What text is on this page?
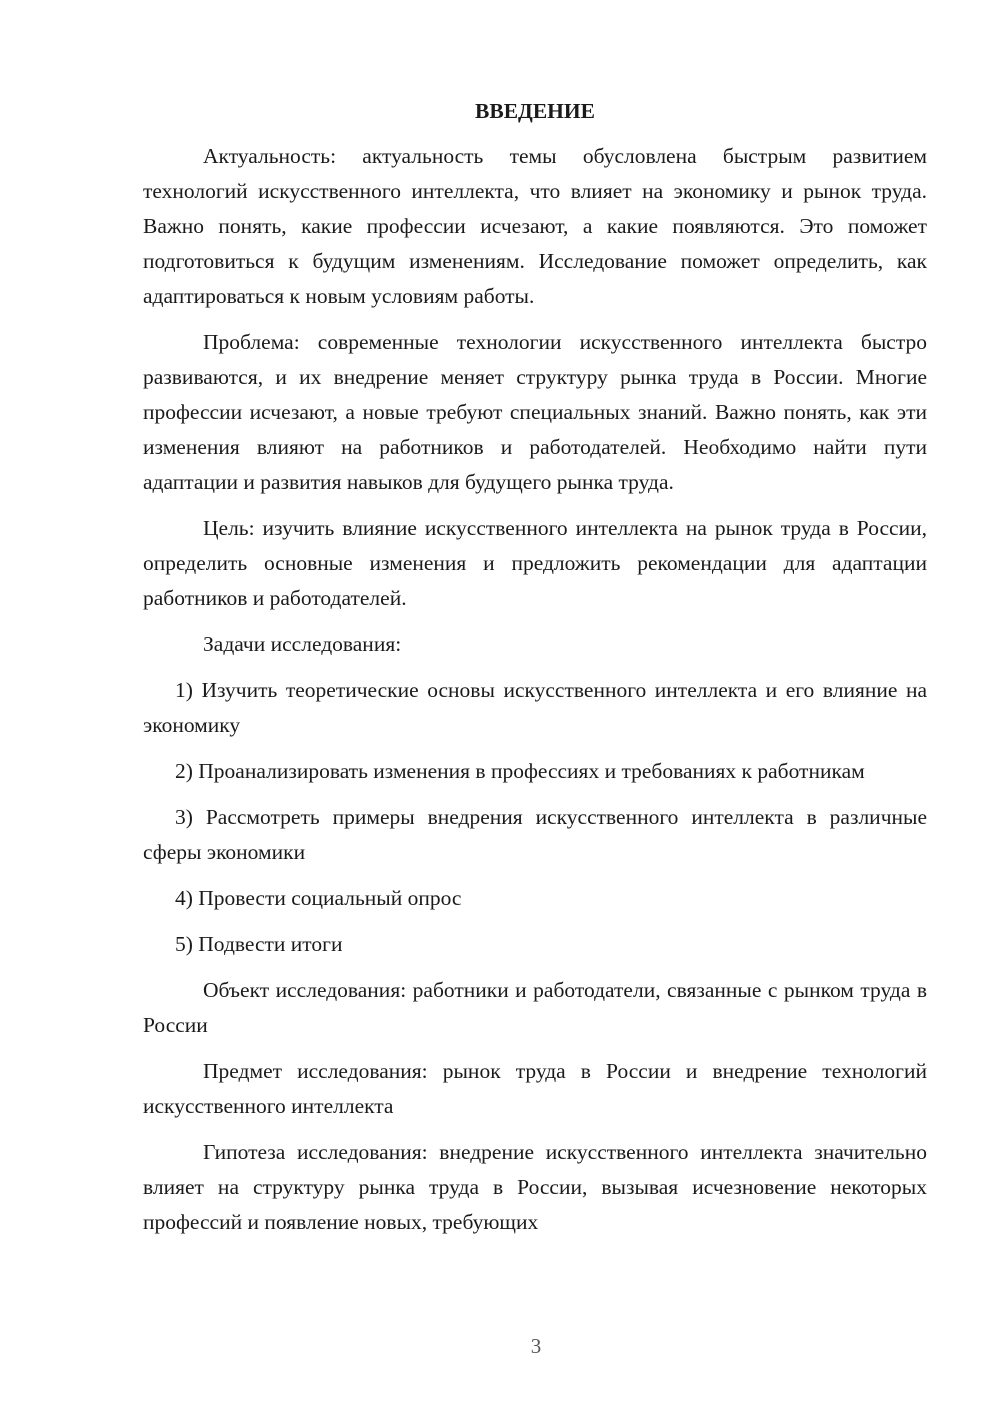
ВВЕДЕНИЕ

Актуальность: актуальность темы обусловлена быстрым развитием технологий искусственного интеллекта, что влияет на экономику и рынок труда. Важно понять, какие профессии исчезают, а какие появляются. Это поможет подготовиться к будущим изменениям. Исследование поможет определить, как адаптироваться к новым условиям работы.

Проблема: современные технологии искусственного интеллекта быстро развиваются, и их внедрение меняет структуру рынка труда в России. Многие профессии исчезают, а новые требуют специальных знаний. Важно понять, как эти изменения влияют на работников и работодателей. Необходимо найти пути адаптации и развития навыков для будущего рынка труда.

Цель: изучить влияние искусственного интеллекта на рынок труда в России, определить основные изменения и предложить рекомендации для адаптации работников и работодателей.

Задачи исследования:

1) Изучить теоретические основы искусственного интеллекта и его влияние на экономику

2) Проанализировать изменения в профессиях и требованиях к работникам

3) Рассмотреть примеры внедрения искусственного интеллекта в различные сферы экономики

4) Провести социальный опрос

5) Подвести итоги

Объект исследования: работники и работодатели, связанные с рынком труда в России

Предмет исследования: рынок труда в России и внедрение технологий искусственного интеллекта

Гипотеза исследования: внедрение искусственного интеллекта значительно влияет на структуру рынка труда в России, вызывая исчезновение некоторых профессий и появление новых, требующих

3
